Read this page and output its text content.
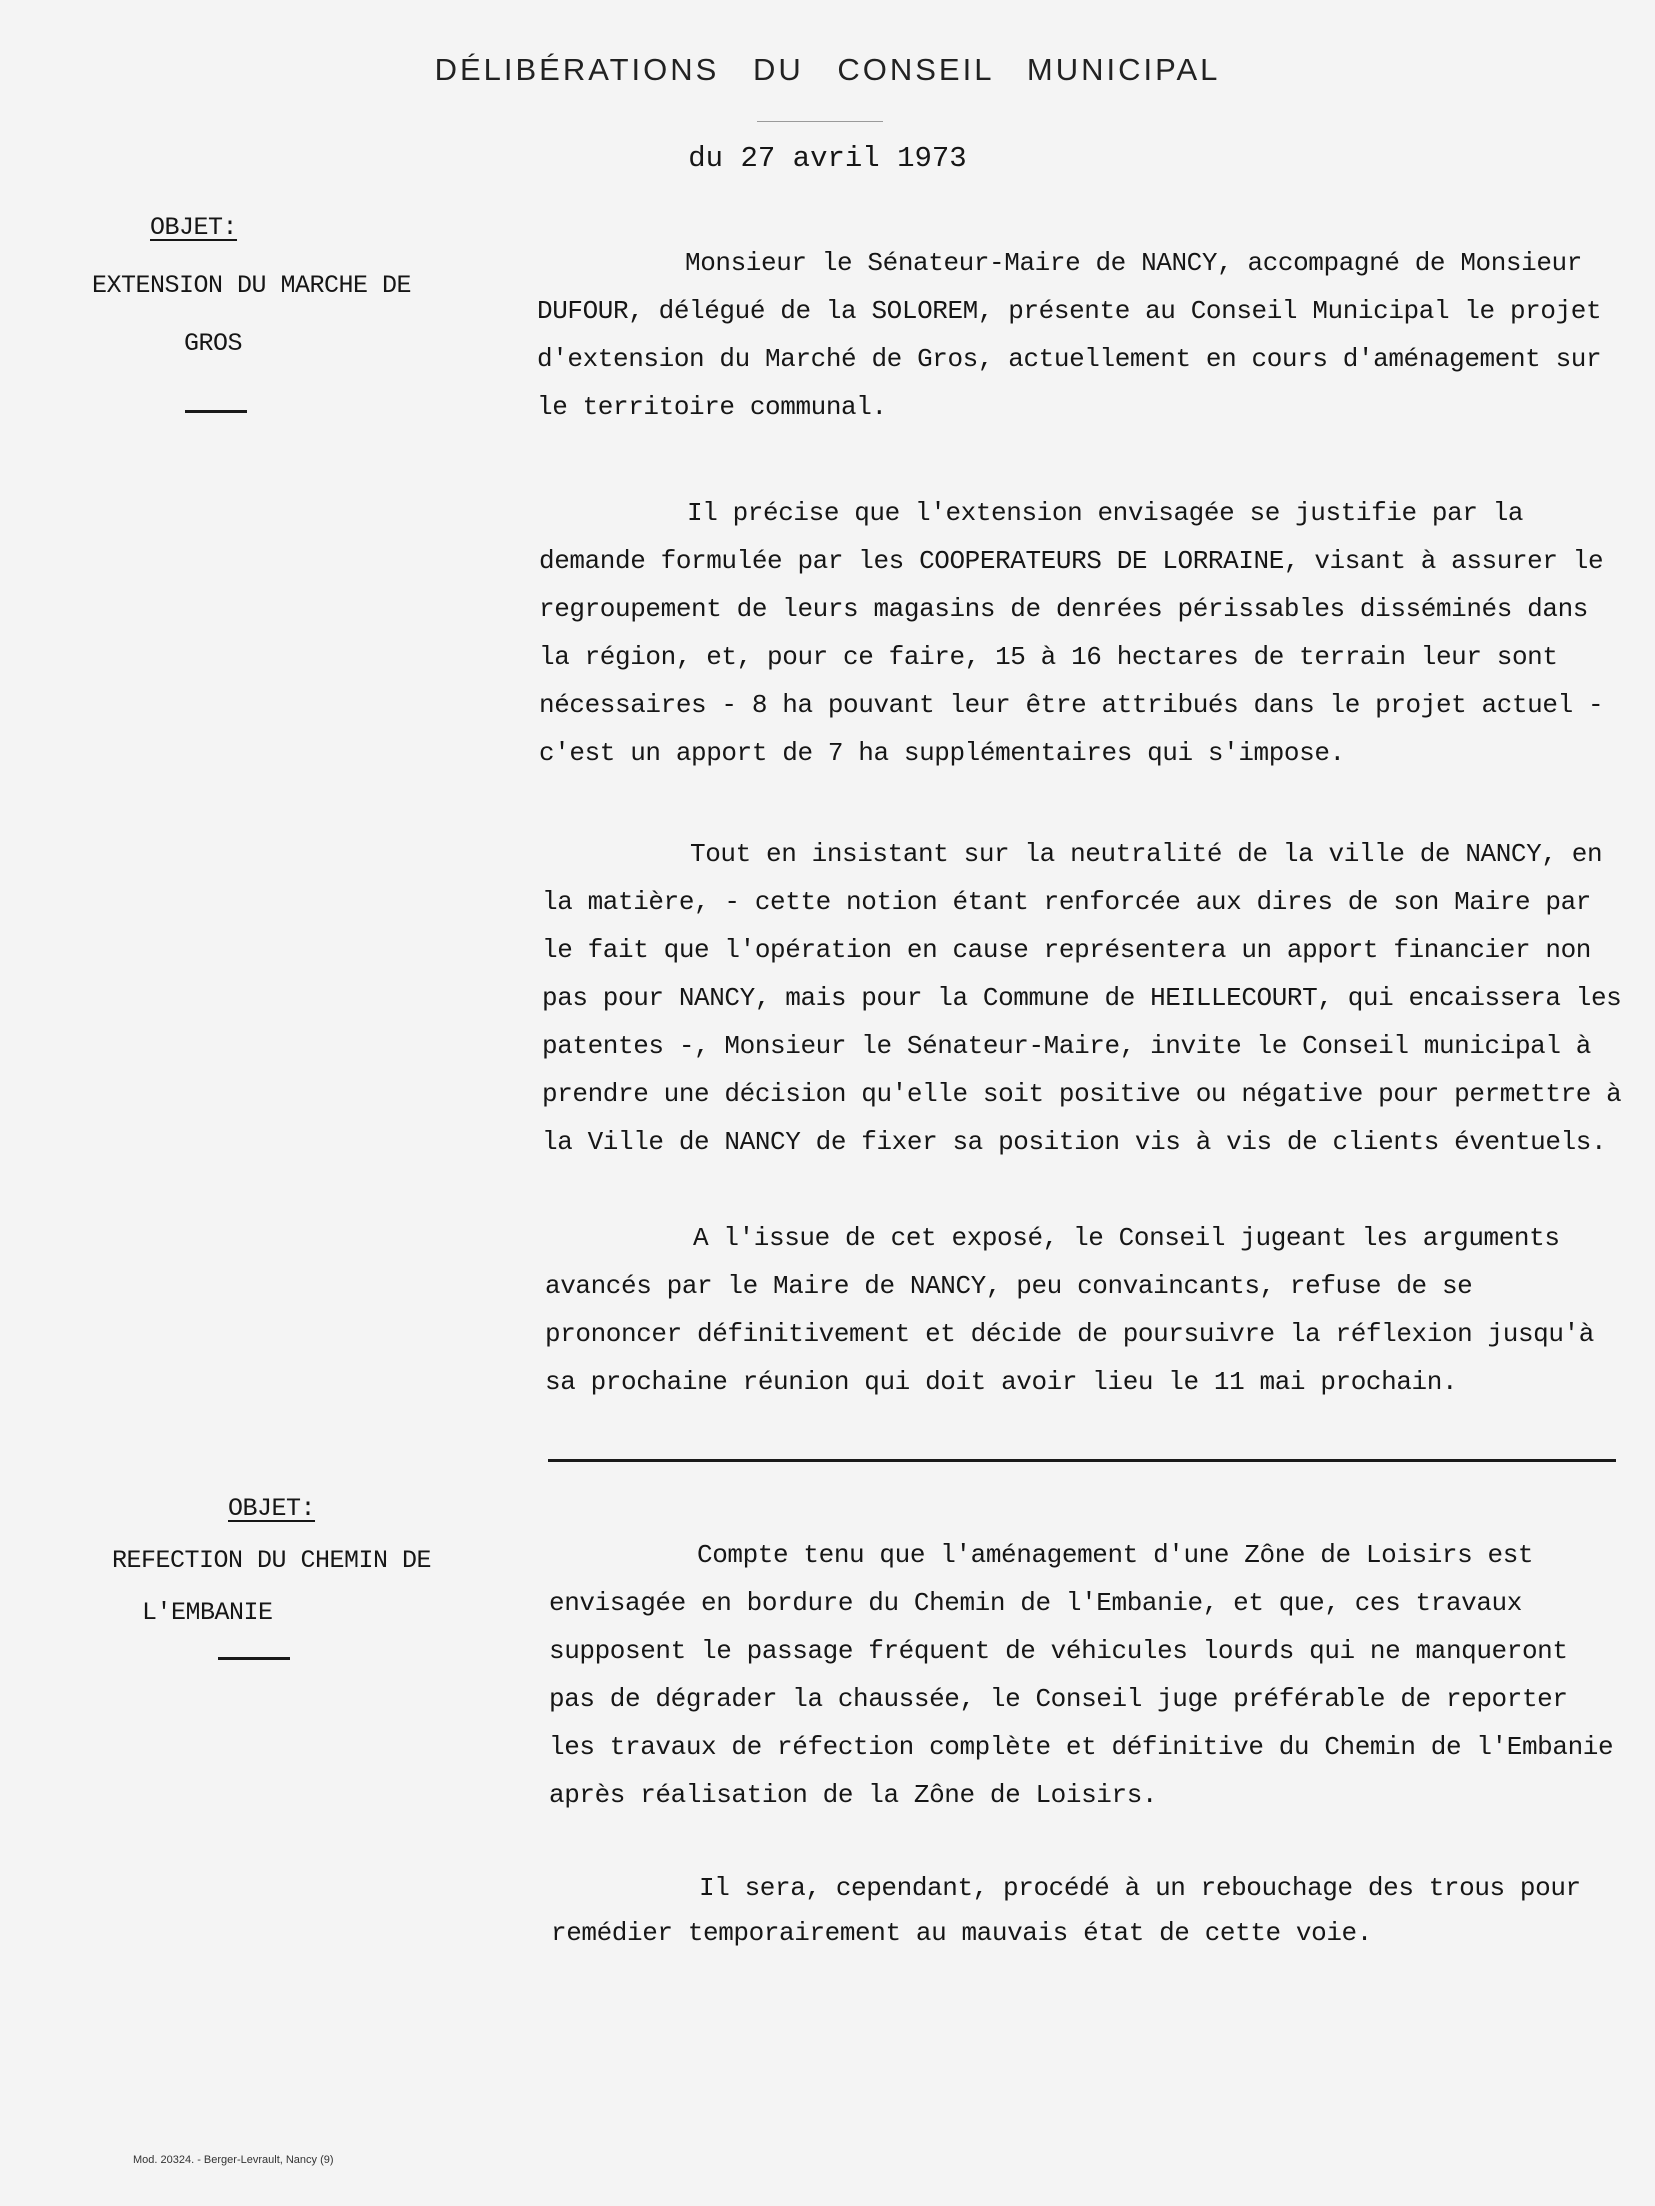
DÉLIBÉRATIONS DU CONSEIL MUNICIPAL
du 27 avril 1973
OBJET:
EXTENSION DU MARCHE DE
GROS

Monsieur le Sénateur-Maire de NANCY, accompagné de Monsieur DUFOUR, délégué de la SOLOREM, présente au Conseil Municipal le projet d'extension du Marché de Gros, actuellement en cours d'aménagement sur le territoire communal.

Il précise que l'extension envisagée se justifie par la demande formulée par les COOPERATEURS DE LORRAINE, visant à assurer le regroupement de leurs magasins de denrées périssables disséminés dans la région, et, pour ce faire, 15 à 16 hectares de terrain leur sont nécessaires - 8 ha pouvant leur être attribués dans le projet actuel - c'est un apport de 7 ha supplémentaires qui s'impose.

Tout en insistant sur la neutralité de la ville de NANCY, en la matière, - cette notion étant renforcée aux dires de son Maire par le fait que l'opération en cause représentera un apport financier non pas pour NANCY, mais pour la Commune de HEILLECOURT, qui encaissera les patentes -, Monsieur le Sénateur-Maire, invite le Conseil municipal à prendre une décision qu'elle soit positive ou négative pour permettre à la Ville de NANCY de fixer sa position vis à vis de clients éventuels.

A l'issue de cet exposé, le Conseil jugeant les arguments avancés par le Maire de NANCY, peu convaincants, refuse de se prononcer définitivement et décide de poursuivre la réflexion jusqu'à sa prochaine réunion qui doit avoir lieu le 11 mai prochain.

OBJET:
REFECTION DU CHEMIN DE
L'EMBANIE

Compte tenu que l'aménagement d'une Zône de Loisirs est envisagée en bordure du Chemin de l'Embanie, et que, ces travaux supposent le passage fréquent de véhicules lourds qui ne manqueront pas de dégrader la chaussée, le Conseil juge préférable de reporter les travaux de réfection complète et définitive du Chemin de l'Embanie après réalisation de la Zône de Loisirs.

Il sera, cependant, procédé à un rebouchage des trous pour remédier temporairement au mauvais état de cette voie.

Mod. 20324. - Berger-Levrault, Nancy (9)
